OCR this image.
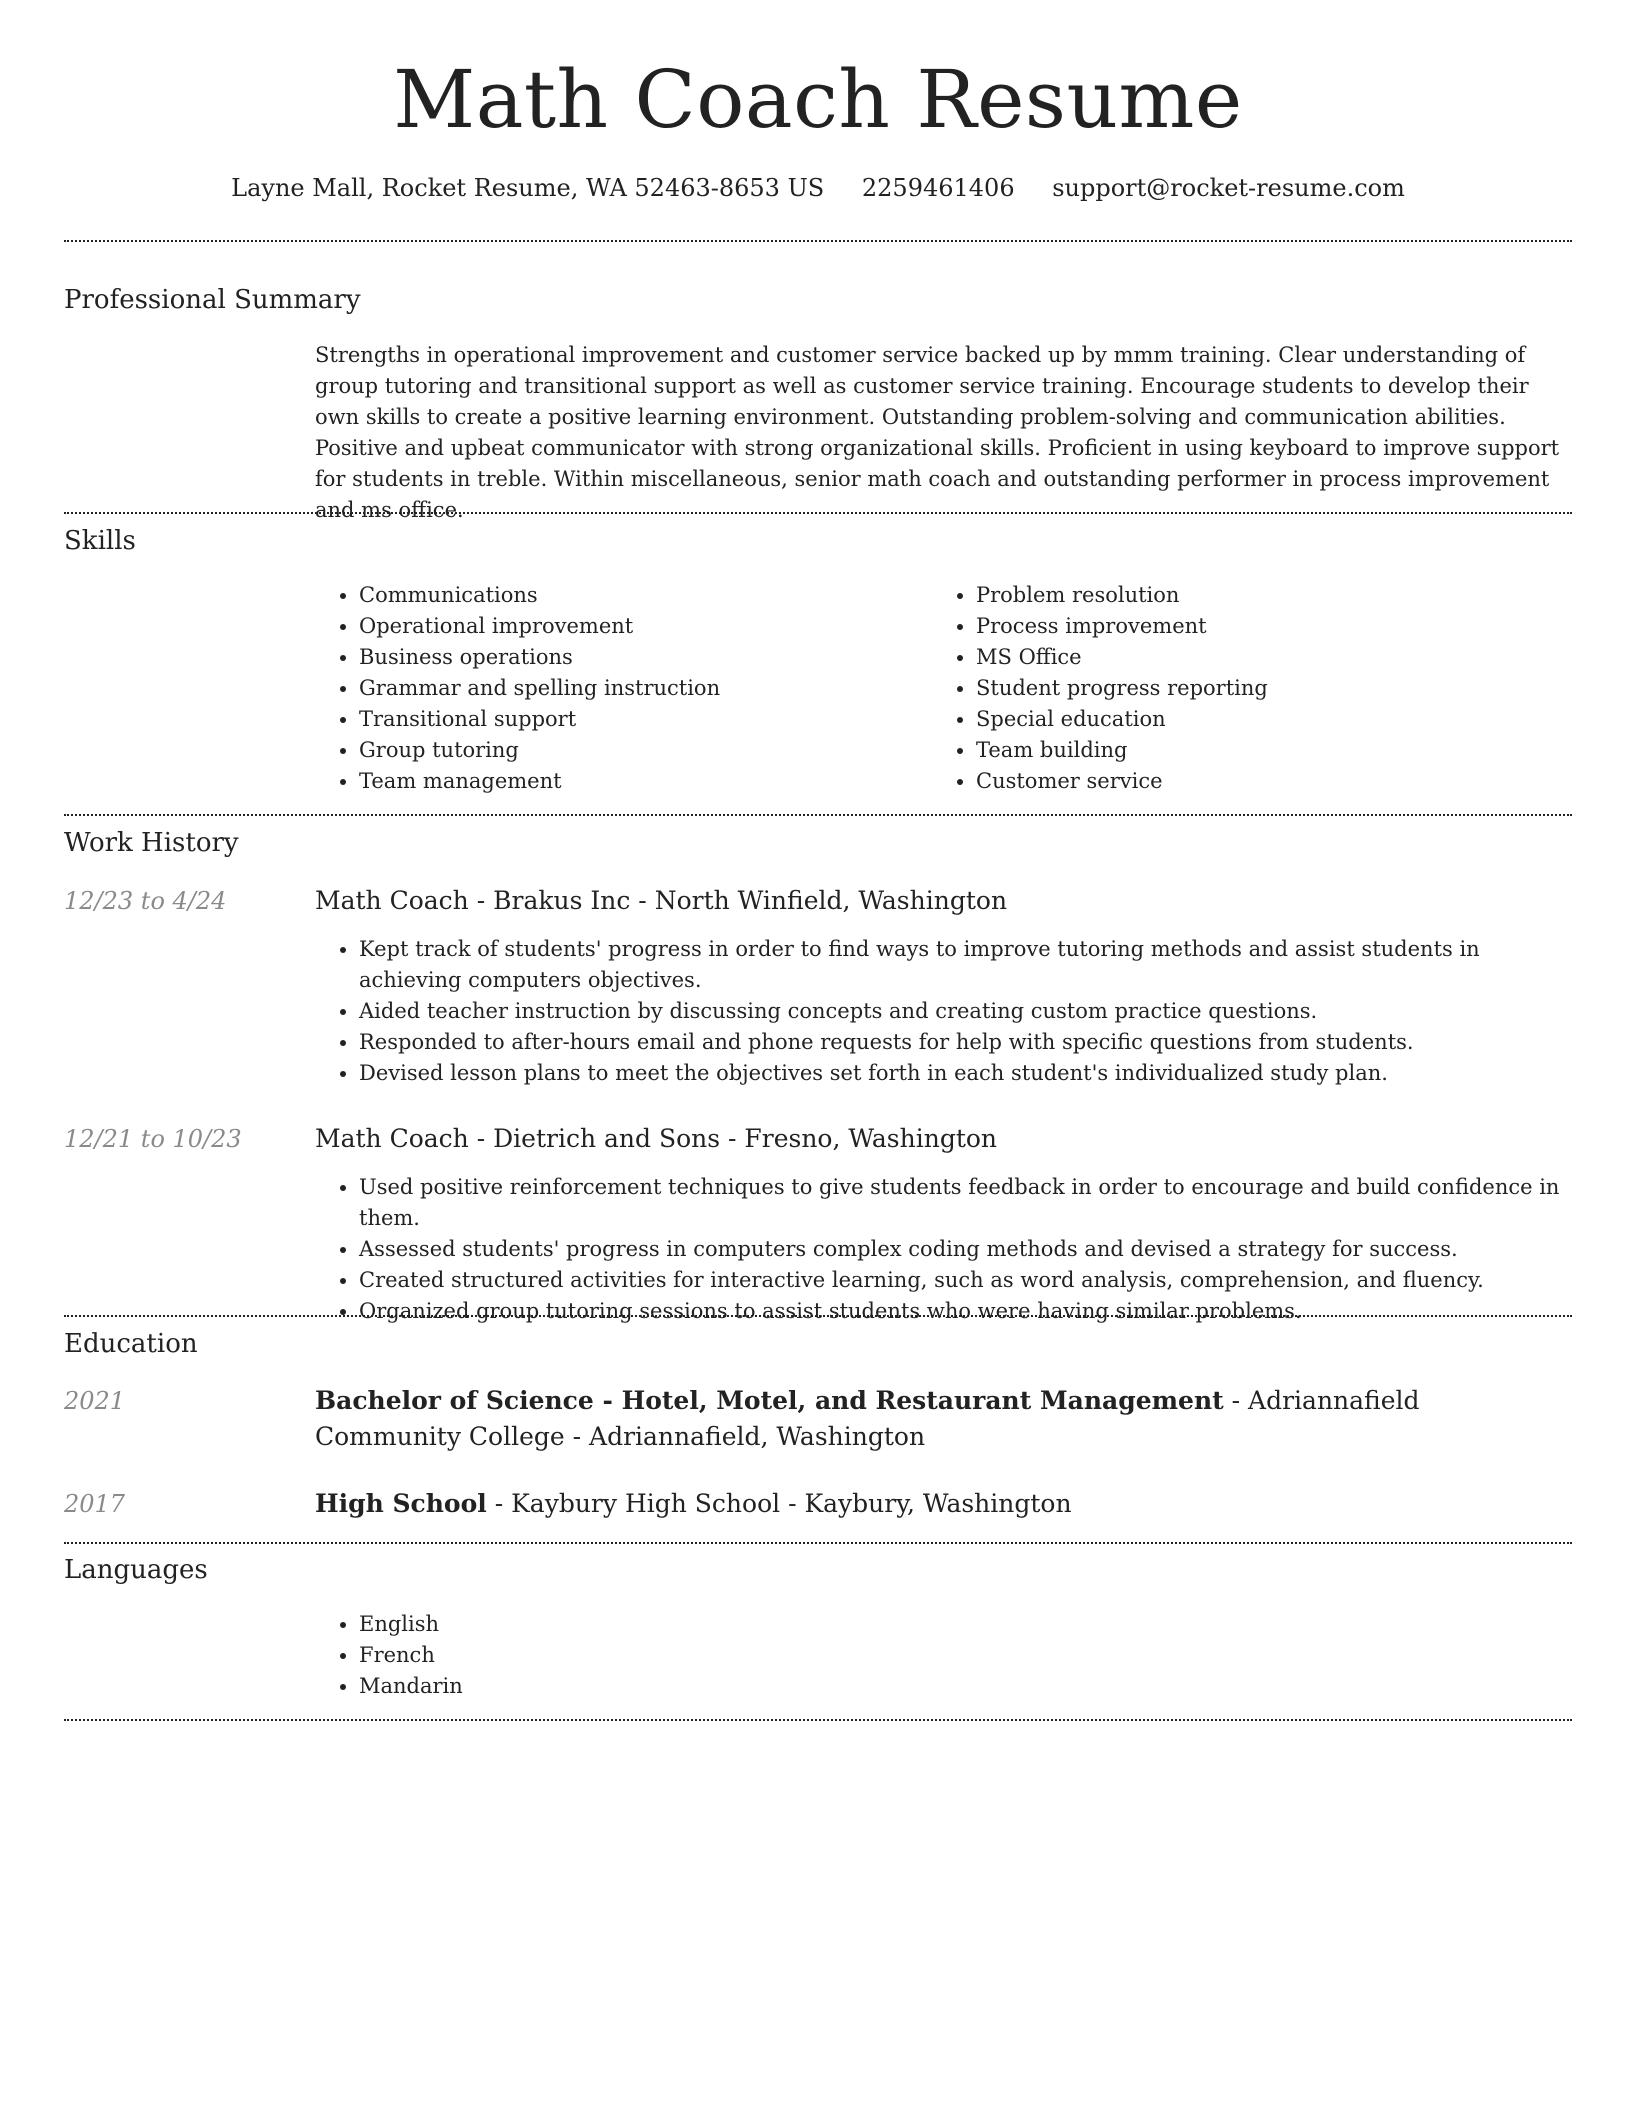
Math Coach Resume
Layne Mall, Rocket Resume, WA 52463-8653 US 2259461406 support@rocket-resume.com
Professional Summary
Strengths in operational improvement and customer service backed up by mmm training. Clear understanding of group tutoring and transitional support as well as customer service training. Encourage students to develop their own skills to create a positive learning environment. Outstanding problem-solving and communication abilities. Positive and upbeat communicator with strong organizational skills. Proficient in using keyboard to improve support for students in treble. Within miscellaneous, senior math coach and outstanding performer in process improvement and ms office.
Skills
• Communications
• Operational improvement
• Business operations
• Grammar and spelling instruction
• Transitional support
• Group tutoring
• Team management
• Problem resolution
• Process improvement
• MS Office
• Student progress reporting
• Special education
• Team building
• Customer service
Work History
12/23 to 4/24	Math Coach - Brakus Inc - North Winfield, Washington
• Kept track of students' progress in order to find ways to improve tutoring methods and assist students in achieving computers objectives.
• Aided teacher instruction by discussing concepts and creating custom practice questions.
• Responded to after-hours email and phone requests for help with specific questions from students.
• Devised lesson plans to meet the objectives set forth in each student's individualized study plan.
12/21 to 10/23	Math Coach - Dietrich and Sons - Fresno, Washington
• Used positive reinforcement techniques to give students feedback in order to encourage and build confidence in them.
• Assessed students' progress in computers complex coding methods and devised a strategy for success.
• Created structured activities for interactive learning, such as word analysis, comprehension, and fluency.
• Organized group tutoring sessions to assist students who were having similar problems.
Education
2021	Bachelor of Science - Hotel, Motel, and Restaurant Management - Adriannafield Community College - Adriannafield, Washington
2017	High School - Kaybury High School - Kaybury, Washington
Languages
• English
• French
• Mandarin
